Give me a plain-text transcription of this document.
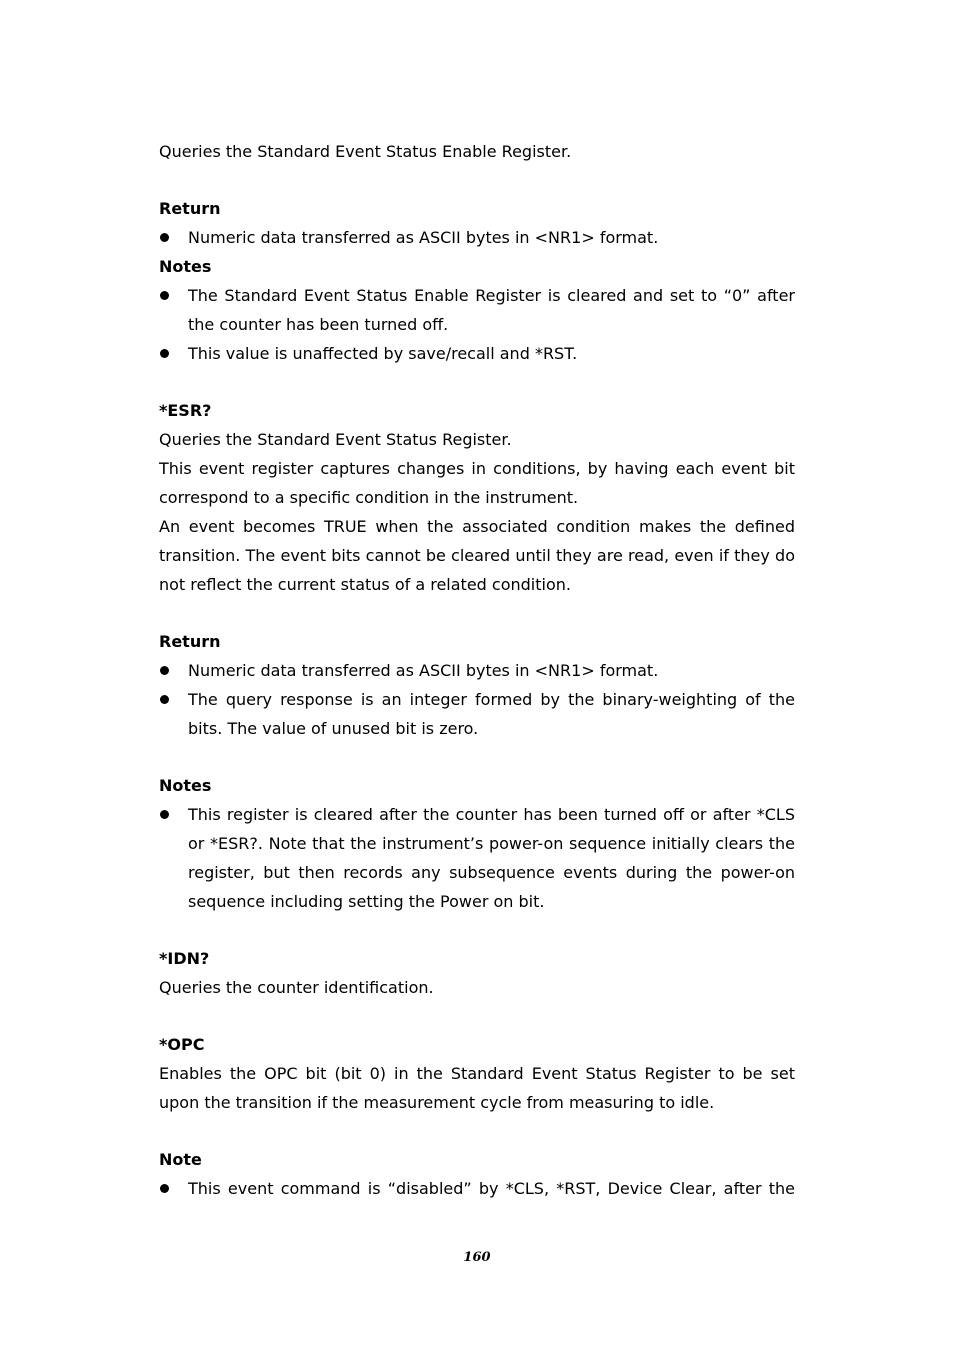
Queries the Standard Event Status Enable Register.

Return

Numeric data transferred as ASCII bytes in <NR1> format.

Notes

The Standard Event Status Enable Register is cleared and set to “0” after the counter has been turned off.
This value is unaffected by save/recall and *RST.

*ESR?

Queries the Standard Event Status Register.

This event register captures changes in conditions, by having each event bit correspond to a specific condition in the instrument.

An event becomes TRUE when the associated condition makes the defined transition. The event bits cannot be cleared until they are read, even if they do not reflect the current status of a related condition.

Return

Numeric data transferred as ASCII bytes in <NR1> format.
The query response is an integer formed by the binary-weighting of the bits. The value of unused bit is zero.

Notes

This register is cleared after the counter has been turned off or after *CLS or *ESR?. Note that the instrument’s power-on sequence initially clears the register, but then records any subsequence events during the power-on sequence including setting the Power on bit.

*IDN?

Queries the counter identification.

*OPC

Enables the OPC bit (bit 0) in the Standard Event Status Register to be set upon the transition if the measurement cycle from measuring to idle.

Note

This event command is “disabled” by *CLS, *RST, Device Clear, after the
160
